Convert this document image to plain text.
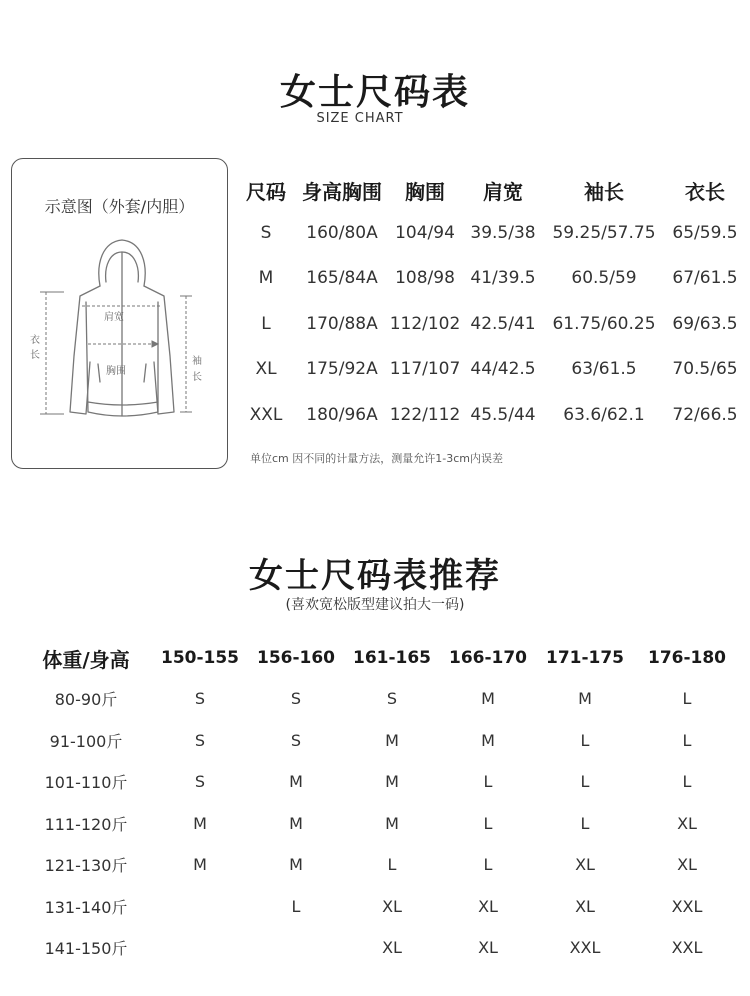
女士尺码表
SIZE CHART
示意图（外套/内胆）
肩宽
胸围
衣
长
袖
长
尺码	身高胸围	胸围	肩宽	袖长	衣长
S	160/80A	104/94	39.5/38	59.25/57.75	65/59.5
M	165/84A	108/98	41/39.5	60.5/59	67/61.5
L	170/88A	112/102	42.5/41	61.75/60.25	69/63.5
XL	175/92A	117/107	44/42.5	63/61.5	70.5/65
XXL	180/96A	122/112	45.5/44	63.6/62.1	72/66.5
单位cm 因不同的计量方法，测量允许1-3cm内误差
女士尺码表推荐
(喜欢宽松版型建议拍大一码)
体重/身高	150-155	156-160	161-165	166-170	171-175	176-180
80-90斤	S	S	S	M	M	L
91-100斤	S	S	M	M	L	L
101-110斤	S	M	M	L	L	L
111-120斤	M	M	M	L	L	XL
121-130斤	M	M	L	L	XL	XL
131-140斤		L	XL	XL	XL	XXL
141-150斤			XL	XL	XXL	XXL
